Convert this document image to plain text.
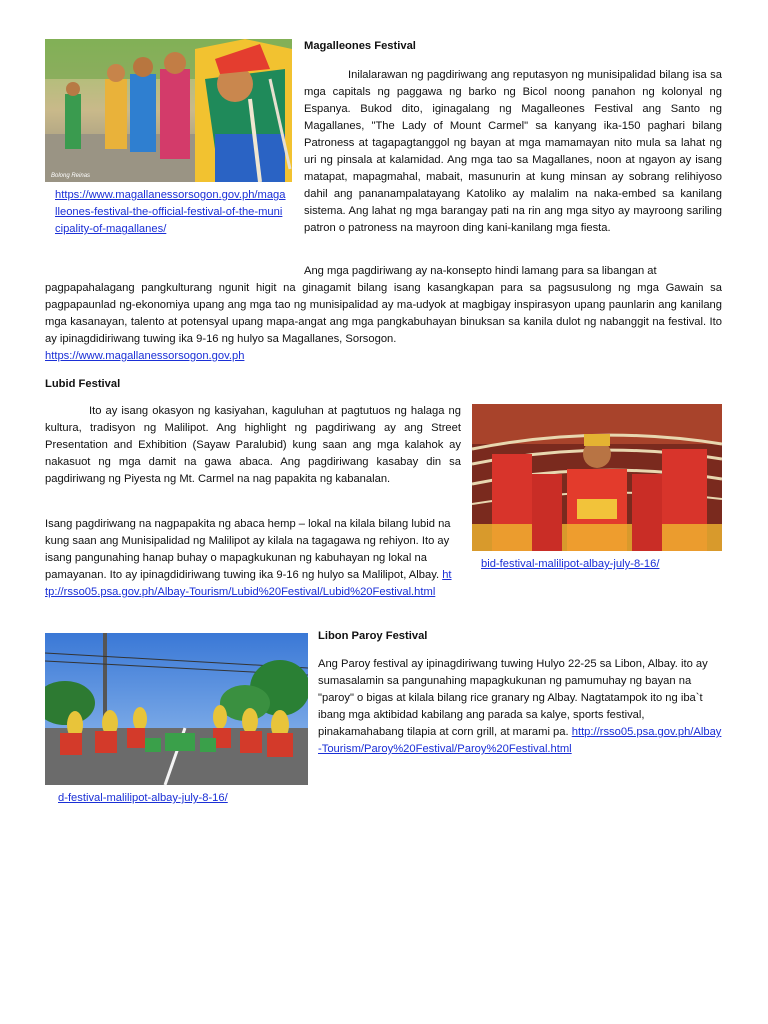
Bolong Reinas
https://www.magallanessorsogon.gov.ph/magalleones-festival-the-official-festival-of-the-municipality-of-magallanes/
Magalleones Festival
Inilalarawan ng pagdiriwang ang reputasyon ng munisipalidad bilang isa sa mga capitals ng paggawa ng barko ng Bicol noong panahon ng kolonyal ng Espanya. Bukod dito, iginagalang ng Magalleones Festival ang Santo ng Magallanes, "The Lady of Mount Carmel" sa kanyang ika-150 paghari bilang Patroness at tagapagtanggol ng bayan at mga mamamayan nito mula sa lahat ng uri ng pinsala at kalamidad. Ang mga tao sa Magallanes, noon at ngayon ay isang matapat, mapagmahal, mabait, masunurin at kung minsan ay sobrang relihiyoso dahil ang pananampalatayang Katoliko ay malalim na naka-embed sa kanilang sistema. Ang lahat ng mga barangay pati na rin ang mga sityo ay mayroong sariling patron o patroness na mayroon ding kani-kanilang mga fiesta.
Ang mga pagdiriwang ay na-konsepto hindi lamang para sa libangan at
pagpapahalagang pangkulturang ngunit higit na ginagamit bilang isang kasangkapan para sa pagsusulong ng mga Gawain sa pagpapaunlad ng-ekonomiya upang ang mga tao ng munisipalidad ay ma-udyok at magbigay inspirasyon upang paunlarin ang kanilang mga kasanayan, talento at potensyal upang mapa-angat ang mga pangkabuhayan binuksan sa kanila dulot ng nabanggit na festival. Ito ay ipinagdidiriwang tuwing ika 9-16 ng hulyo sa Magallanes, Sorsogon.
https://www.magallanessorsogon.gov.ph
Lubid Festival
Ito ay isang okasyon ng kasiyahan, kaguluhan at pagtutuos ng halaga ng kultura, tradisyon ng Malilipot. Ang highlight ng pagdiriwang ay ang Street Presentation and Exhibition (Sayaw Paralubid) kung saan ang mga kalahok ay nakasuot ng mga damit na gawa abaca. Ang pagdiriwang kasabay din sa pagdiriwang ng Piyesta ng Mt. Carmel na nag papakita ng kabanalan.
Isang pagdiriwang na nagpapakita ng abaca hemp – lokal na kilala bilang lubid na kung saan ang Munisipalidad ng Malilipot ay kilala na tagagawa ng rehiyon. Ito ay isang pangunahing hanap buhay o mapagkukunan ng kabuhayan ng lokal na pamayanan. Ito ay ipinagdidiriwang tuwing ika 9-16 ng hulyo sa Malilipot, Albay. http://rsso05.psa.gov.ph/Albay-Tourism/Lubid%20Festival/Lubid%20Festival.html
bid-festival-malilipot-albay-july-8-16/
d-festival-malilipot-albay-july-8-16/
Libon Paroy Festival
Ang Paroy festival ay ipinagdiriwang tuwing Hulyo 22-25 sa Libon, Albay. ito ay sumasalamin sa pangunahing mapagkukunan ng pamumuhay ng bayan na "paroy" o bigas at kilala bilang rice granary ng Albay. Nagtatampok ito ng iba`t ibang mga aktibidad kabilang ang parada sa kalye, sports festival, pinakamahabang tilapia at corn grill, at marami pa. http://rsso05.psa.gov.ph/Albay-Tourism/Paroy%20Festival/Paroy%20Festival.html
